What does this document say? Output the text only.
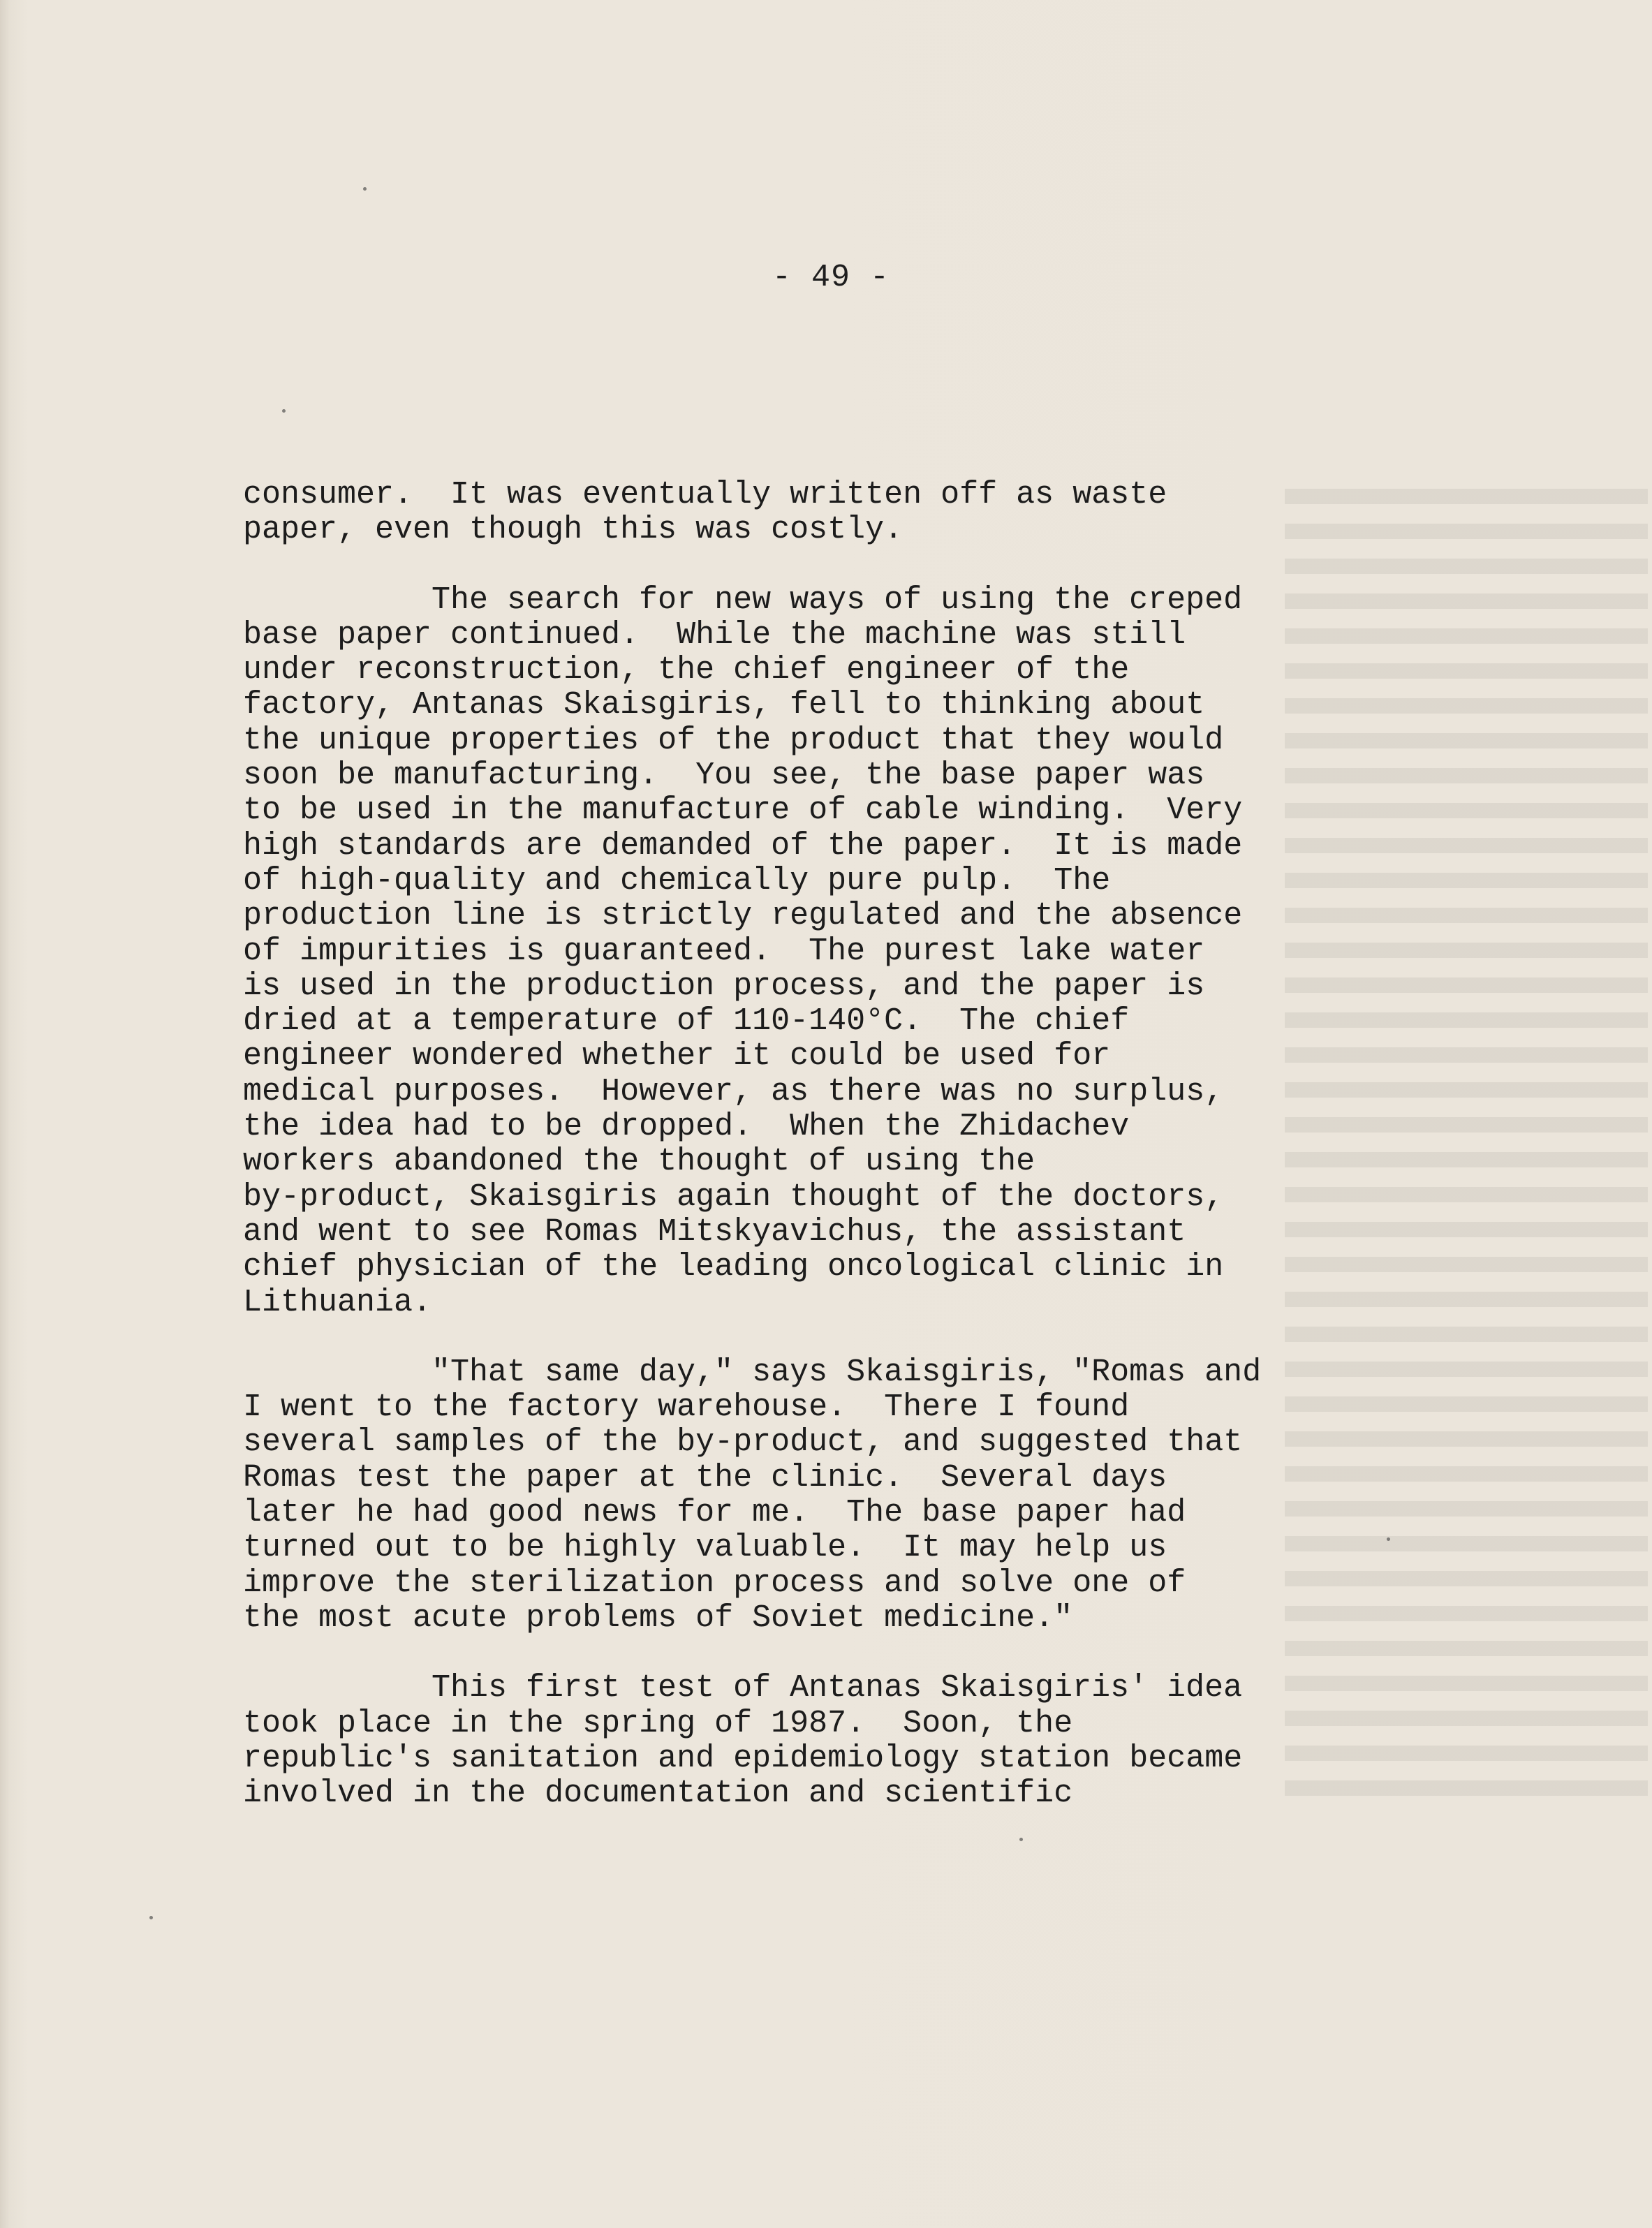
- 49 -
consumer.  It was eventually written off as waste
paper, even though this was costly.
The search for new ways of using the creped
base paper continued.  While the machine was still
under reconstruction, the chief engineer of the
factory, Antanas Skaisgiris, fell to thinking about
the unique properties of the product that they would
soon be manufacturing.  You see, the base paper was
to be used in the manufacture of cable winding.  Very
high standards are demanded of the paper.  It is made
of high-quality and chemically pure pulp.  The
production line is strictly regulated and the absence
of impurities is guaranteed.  The purest lake water
is used in the production process, and the paper is
dried at a temperature of 110-140°C.  The chief
engineer wondered whether it could be used for
medical purposes.  However, as there was no surplus,
the idea had to be dropped.  When the Zhidachev
workers abandoned the thought of using the
by-product, Skaisgiris again thought of the doctors,
and went to see Romas Mitskyavichus, the assistant
chief physician of the leading oncological clinic in
Lithuania.
"That same day," says Skaisgiris, "Romas and
I went to the factory warehouse.  There I found
several samples of the by-product, and suggested that
Romas test the paper at the clinic.  Several days
later he had good news for me.  The base paper had
turned out to be highly valuable.  It may help us
improve the sterilization process and solve one of
the most acute problems of Soviet medicine."
This first test of Antanas Skaisgiris' idea
took place in the spring of 1987.  Soon, the
republic's sanitation and epidemiology station became
involved in the documentation and scientific
